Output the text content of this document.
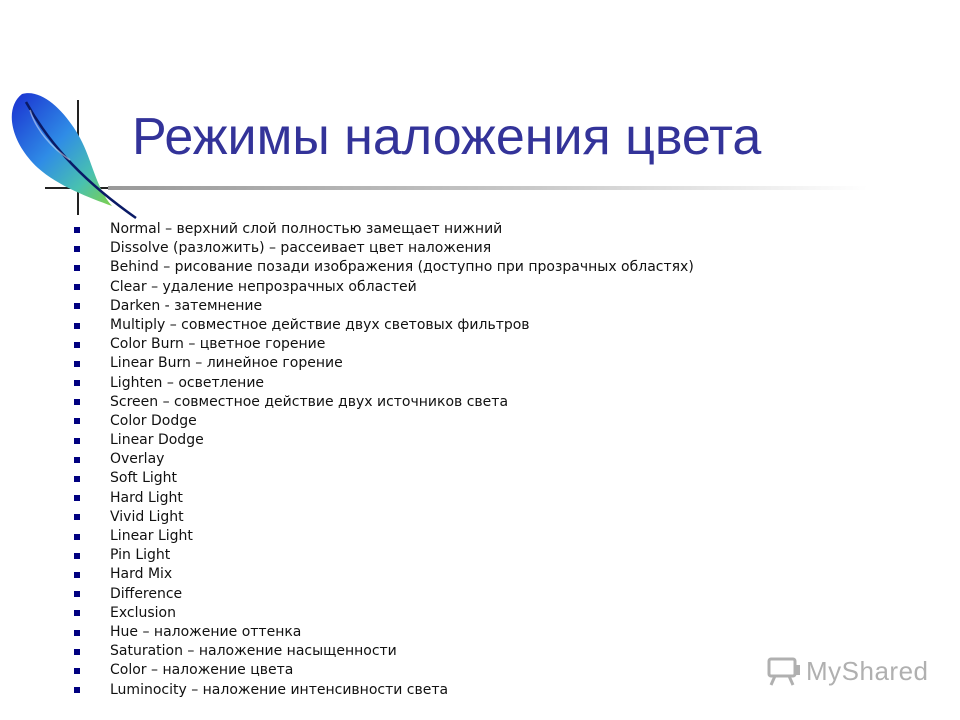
Режимы наложения цвета
Normal – верхний слой полностью замещает нижний
Dissolve (разложить) – рассеивает цвет наложения
Behind – рисование позади изображения (доступно при прозрачных областях)
Clear – удаление непрозрачных областей
Darken - затемнение
Multiply – совместное действие двух световых фильтров
Color Burn – цветное горение
Linear Burn – линейное горение
Lighten – осветление
Screen – совместное действие двух источников света
Color Dodge
Linear Dodge
Overlay
Soft Light
Hard Light
Vivid Light
Linear Light
Pin Light
Hard Mix
Difference
Exclusion
Hue – наложение оттенка
Saturation – наложение насыщенности
Color – наложение цвета
Luminocity – наложение интенсивности света
MyShared
